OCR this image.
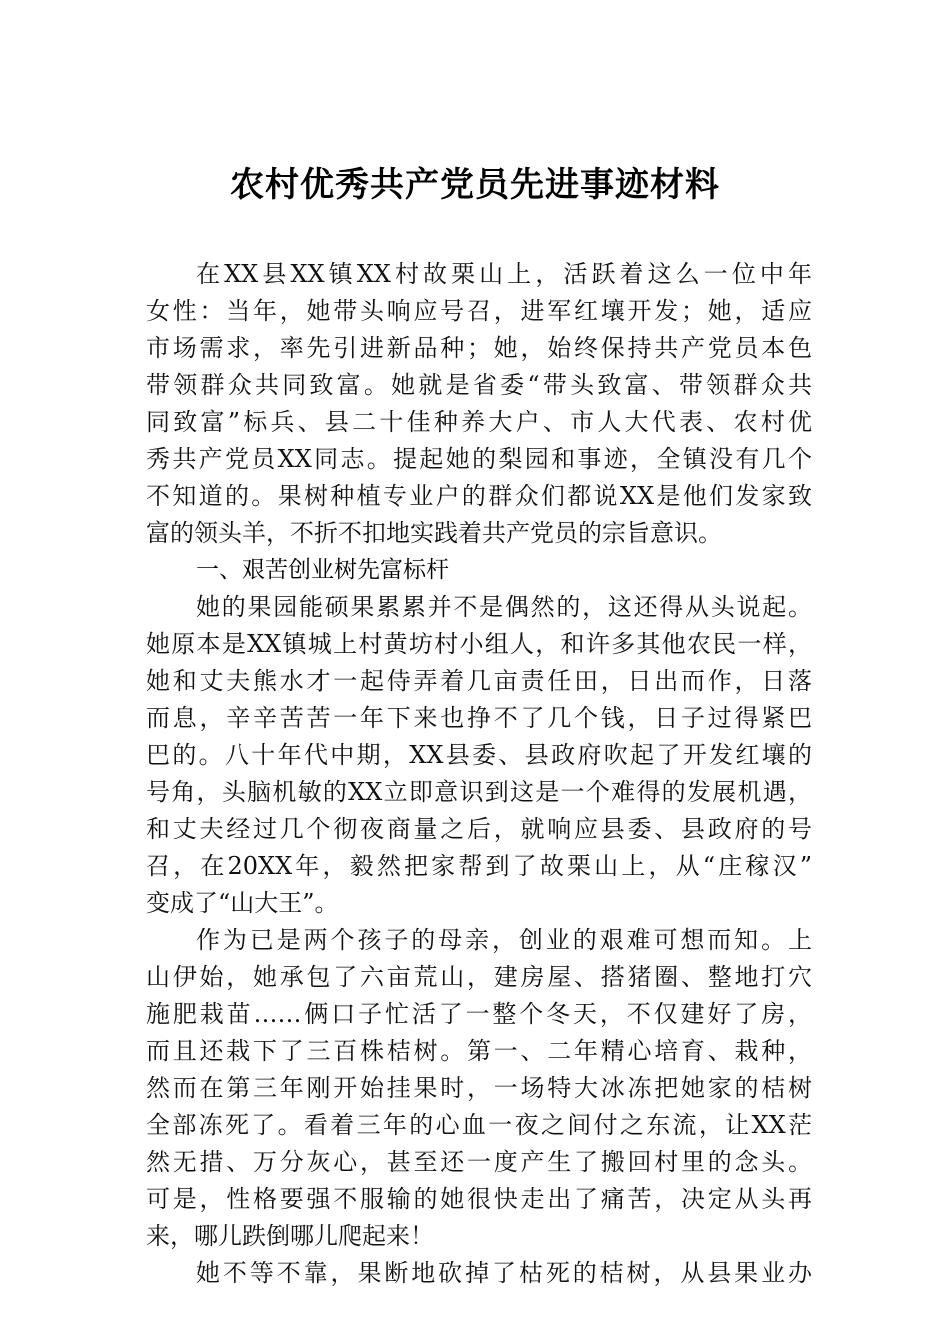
农村优秀共产党员先进事迹材料
在XX县XX镇XX村故栗山上，活跃着这么一位中年
女性：当年，她带头响应号召，进军红壤开发；她，适应
市场需求，率先引进新品种；她，始终保持共产党员本色
带领群众共同致富。她就是省委“带头致富、带领群众共
同致富”标兵、县二十佳种养大户、市人大代表、农村优
秀共产党员XX同志。提起她的梨园和事迹，全镇没有几个
不知道的。果树种植专业户的群众们都说XX是他们发家致
富的领头羊，不折不扣地实践着共产党员的宗旨意识。
一、艰苦创业树先富标杆
她的果园能硕果累累并不是偶然的，这还得从头说起。
她原本是XX镇城上村黄坊村小组人，和许多其他农民一样，
她和丈夫熊水才一起侍弄着几亩责任田，日出而作，日落
而息，辛辛苦苦一年下来也挣不了几个钱，日子过得紧巴
巴的。八十年代中期，XX县委、县政府吹起了开发红壤的
号角，头脑机敏的XX立即意识到这是一个难得的发展机遇，
和丈夫经过几个彻夜商量之后，就响应县委、县政府的号
召，在20XX年，毅然把家帮到了故栗山上，从“庄稼汉”
变成了“山大王”。
作为已是两个孩子的母亲，创业的艰难可想而知。上
山伊始，她承包了六亩荒山，建房屋、搭猪圈、整地打穴
施肥栽苗……俩口子忙活了一整个冬天，不仅建好了房，
而且还栽下了三百株桔树。第一、二年精心培育、栽种，
然而在第三年刚开始挂果时，一场特大冰冻把她家的桔树
全部冻死了。看着三年的心血一夜之间付之东流，让XX茫
然无措、万分灰心，甚至还一度产生了搬回村里的念头。
可是，性格要强不服输的她很快走出了痛苦，决定从头再
来，哪儿跌倒哪儿爬起来！
她不等不靠，果断地砍掉了枯死的桔树，从县果业办
